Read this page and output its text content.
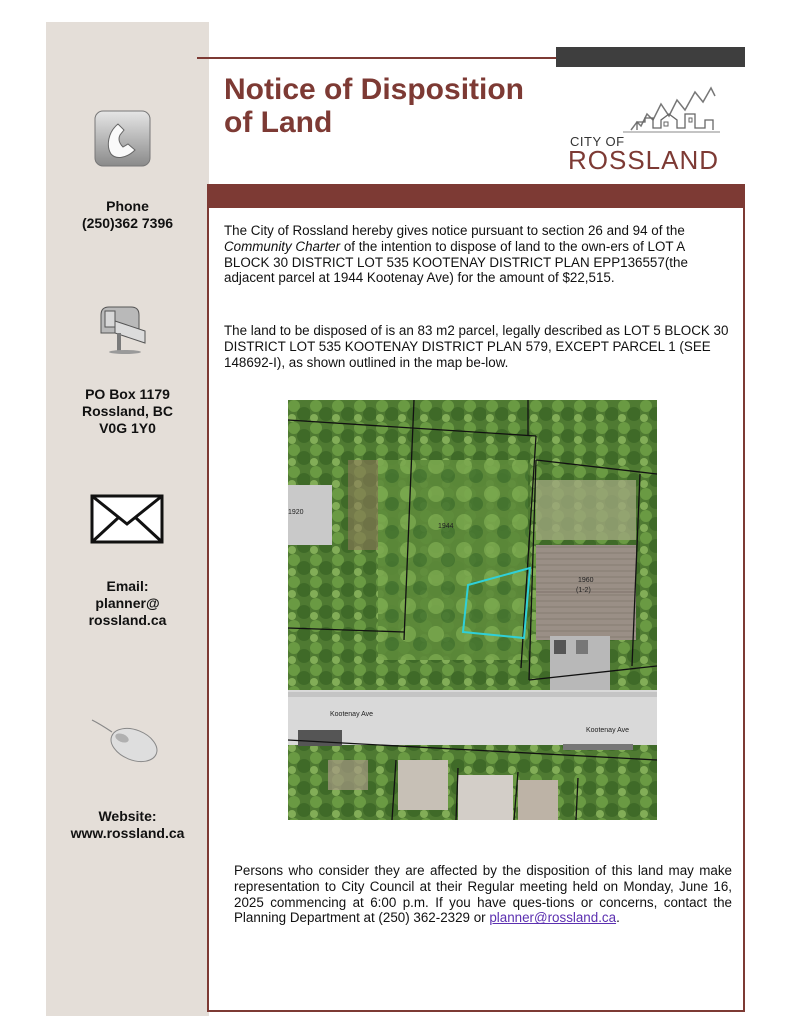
Phone
(250)362 7396
PO Box 1179
Rossland, BC
V0G 1Y0
Email:
planner@
rossland.ca
Website:
www.rossland.ca
Notice of Disposition
of Land
CITY OF
ROSSLAND
The City of Rossland hereby gives notice pursuant to section 26 and 94 of the Community Charter of the intention to dispose of land to the own-ers of LOT A BLOCK 30 DISTRICT LOT 535 KOOTENAY DISTRICT PLAN EPP136557(the adjacent parcel at 1944 Kootenay Ave) for the amount of $22,515.
The land to be disposed of is an 83 m2 parcel, legally described as LOT 5 BLOCK 30 DISTRICT LOT 535 KOOTENAY DISTRICT PLAN 579, EXCEPT PARCEL 1 (SEE 148692-I), as shown outlined in the map be-low.
1920
1944
1960
(1-2)
Kootenay Ave
Kootenay Ave
Persons who consider they are affected by the disposition of this land may make representation to City Council at their Regular meeting held on Monday, June 16, 2025 commencing at 6:00 p.m. If you have ques-tions or concerns, contact the Planning Department at (250) 362-2329 or planner@rossland.ca.
